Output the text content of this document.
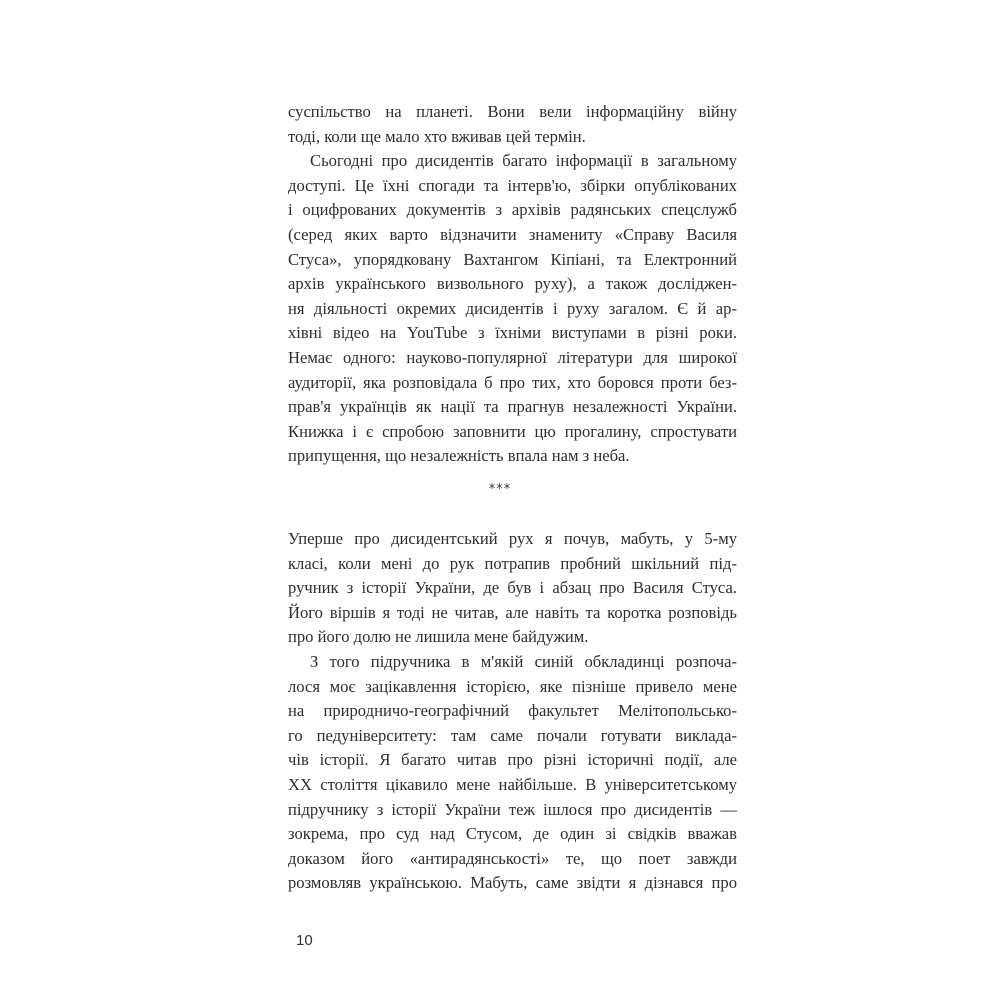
суспільство на планеті. Вони вели інформаційну війну
тоді, коли ще мало хто вживав цей термін.
Сьогодні про дисидентів багато інформації в загальному
доступі. Це їхні спогади та інтерв'ю, збірки опублікованих
і оцифрованих документів з архівів радянських спецслужб
(серед яких варто відзначити знамениту «Справу Василя
Стуса», упорядковану Вахтангом Кіпіані, та Електронний
архів українського визвольного руху), а також досліджен-
ня діяльності окремих дисидентів і руху загалом. Є й ар-
хівні відео на YouTube з їхніми виступами в різні роки.
Немає одного: науково-популярної літератури для широкої
аудиторії, яка розповідала б про тих, хто боровся проти без-
прав'я українців як нації та прагнув незалежності України.
Книжка і є спробою заповнити цю прогалину, спростувати
припущення, що незалежність впала нам з неба.
***
Уперше про дисидентський рух я почув, мабуть, у 5-му
класі, коли мені до рук потрапив пробний шкільний під-
ручник з історії України, де був і абзац про Василя Стуса.
Його віршів я тоді не читав, але навіть та коротка розповідь
про його долю не лишила мене байдужим.
З того підручника в м'якій синій обкладинці розпоча-
лося моє зацікавлення історією, яке пізніше привело мене
на природничо-географічний факультет Мелітопольсько-
го педуніверситету: там саме почали готувати виклада-
чів історії. Я багато читав про різні історичні події, але
XX століття цікавило мене найбільше. В університетському
підручнику з історії України теж ішлося про дисидентів —
зокрема, про суд над Стусом, де один зі свідків вважав
доказом його «антирадянськості» те, що поет завжди
розмовляв українською. Мабуть, саме звідти я дізнався про
10
